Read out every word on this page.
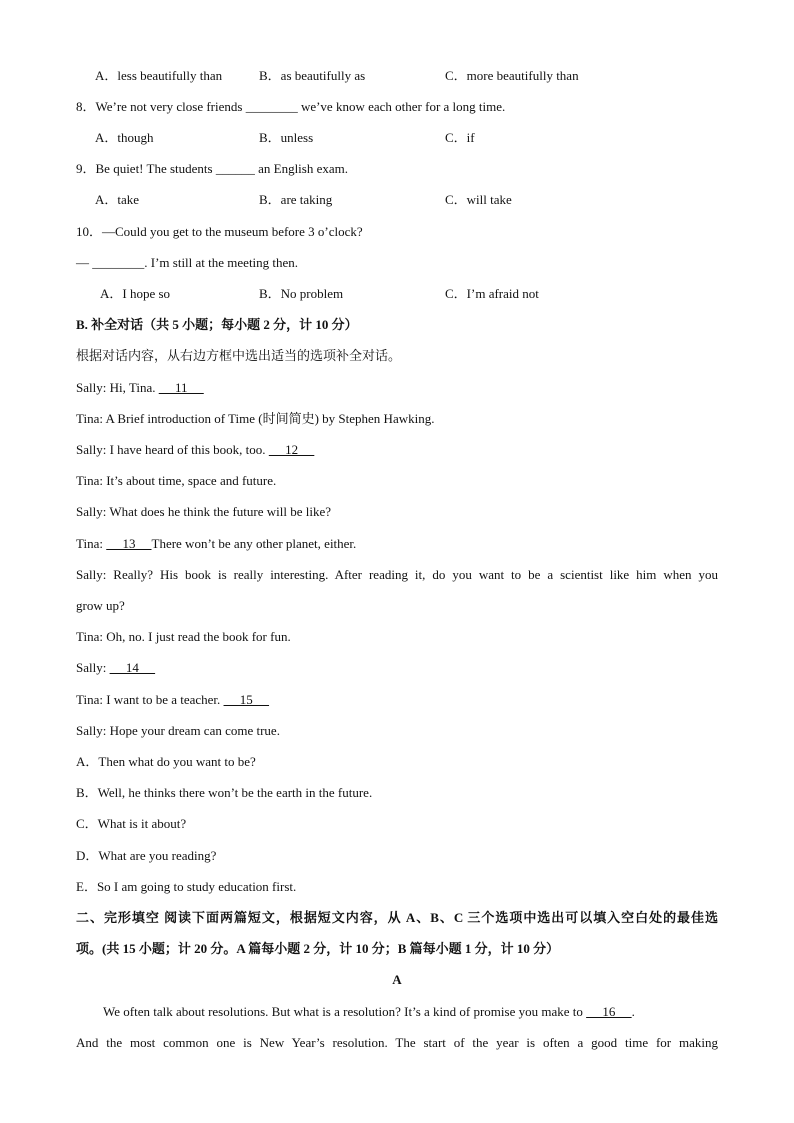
A．less beautifully than	B．as beautifully as	C．more beautifully than
8．We’re not very close friends ________ we’ve know each other for a long time.
A．though	B．unless	C．if
9．Be quiet! The students ______ an English exam.
A．take	B．are taking	C．will take
10．—Could you get to the museum before 3 o’clock?
— ________. I’m still at the meeting then.
A．I hope so	B．No problem	C．I’m afraid not
B. 补全对话（共 5 小题；每小题 2 分，计 10 分）
根据对话内容，从右边方框中选出适当的选项补全对话。
Sally: Hi, Tina.      11
Tina: A Brief introduction of Time (时间简史) by Stephen Hawking.
Sally: I have heard of this book, too.      12
Tina: It’s about time, space and future.
Sally: What does he think the future will be like?
Tina:      13     There won’t be any other planet, either.
Sally: Really? His book is really interesting. After reading it, do you want to be a scientist like him when you
grow up?
Tina: Oh, no. I just read the book for fun.
Sally:      14
Tina: I want to be a teacher.      15
Sally: Hope your dream can come true.
A．Then what do you want to be?
B．Well, he thinks there won’t be the earth in the future.
C．What is it about?
D．What are you reading?
E．So I am going to study education first.
二、完形填空 阅读下面两篇短文，根据短文内容，从 A、B、C 三个选项中选出可以填入空白处的最佳选
项。(共 15 小题；计 20 分。A 篇每小题 2 分，计 10 分；B 篇每小题 1 分，计 10 分）
A
We often talk about resolutions. But what is a resolution? It’s a kind of promise you make to      16     .
And the most common one is New Year’s resolution. The start of the year is often a good time for making
